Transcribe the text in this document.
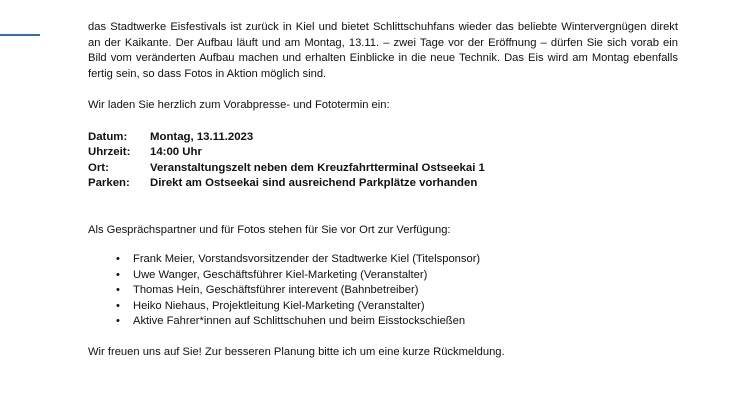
das Stadtwerke Eisfestivals ist zurück in Kiel und bietet Schlittschuhfans wieder das beliebte Wintervergnügen direkt an der Kaikante. Der Aufbau läuft und am Montag, 13.11. – zwei Tage vor der Eröffnung – dürfen Sie sich vorab ein Bild vom veränderten Aufbau machen und erhalten Einblicke in die neue Technik. Das Eis wird am Montag ebenfalls fertig sein, so dass Fotos in Aktion möglich sind.

Wir laden Sie herzlich zum Vorabpresse- und Fototermin ein:

Datum:	Montag, 13.11.2023
Uhrzeit:	14:00 Uhr
Ort:	Veranstaltungszelt neben dem Kreuzfahrtterminal Ostseekai 1
Parken:	Direkt am Ostseekai sind ausreichend Parkplätze vorhanden

Als Gesprächspartner und für Fotos stehen für Sie vor Ort zur Verfügung:

• Frank Meier, Vorstandsvorsitzender der Stadtwerke Kiel (Titelsponsor)
• Uwe Wanger, Geschäftsführer Kiel-Marketing (Veranstalter)
• Thomas Hein, Geschäftsführer interevent (Bahnbetreiber)
• Heiko Niehaus, Projektleitung Kiel-Marketing (Veranstalter)
• Aktive Fahrer*innen auf Schlittschuhen und beim Eisstockschießen

Wir freuen uns auf Sie! Zur besseren Planung bitte ich um eine kurze Rückmeldung.
